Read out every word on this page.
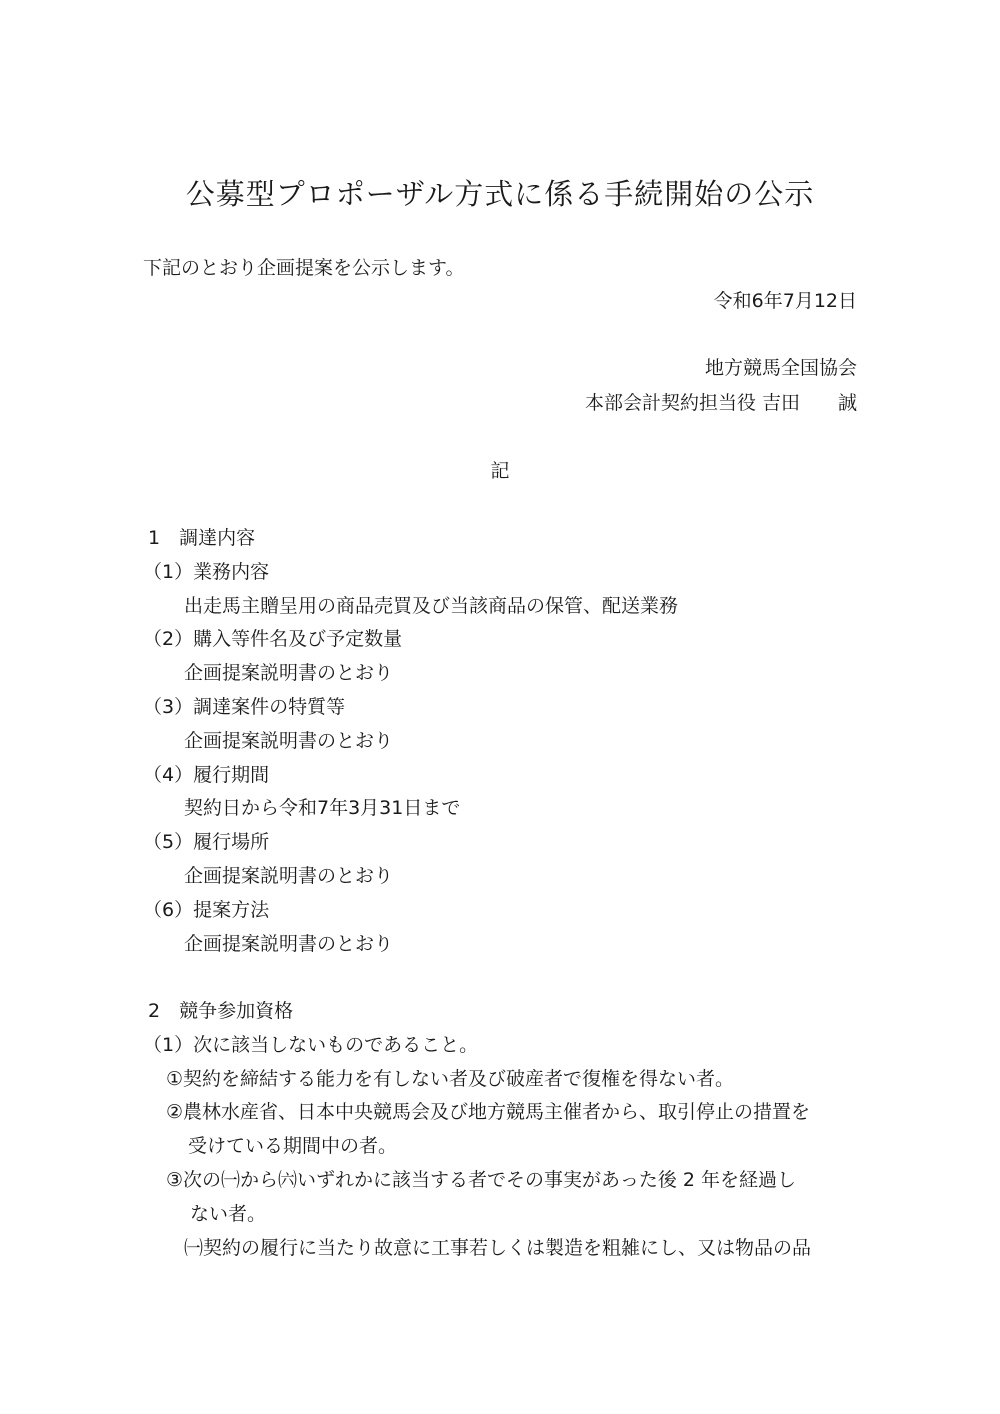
公募型プロポーザル方式に係る手続開始の公示
下記のとおり企画提案を公示します。
令和6年7月12日
地方競馬全国協会
本部会計契約担当役 吉田　　誠
記
1　調達内容
（1）業務内容
出走馬主贈呈用の商品売買及び当該商品の保管、配送業務
（2）購入等件名及び予定数量
企画提案説明書のとおり
（3）調達案件の特質等
企画提案説明書のとおり
（4）履行期間
契約日から令和7年3月31日まで
（5）履行場所
企画提案説明書のとおり
（6）提案方法
企画提案説明書のとおり
2　競争参加資格
（1）次に該当しないものであること。
①契約を締結する能力を有しない者及び破産者で復権を得ない者。
②農林水産省、日本中央競馬会及び地方競馬主催者から、取引停止の措置を
受けている期間中の者。
③次の㈠から㈥いずれかに該当する者でその事実があった後 2 年を経過し
ない者。
㈠契約の履行に当たり故意に工事若しくは製造を粗雑にし、又は物品の品
